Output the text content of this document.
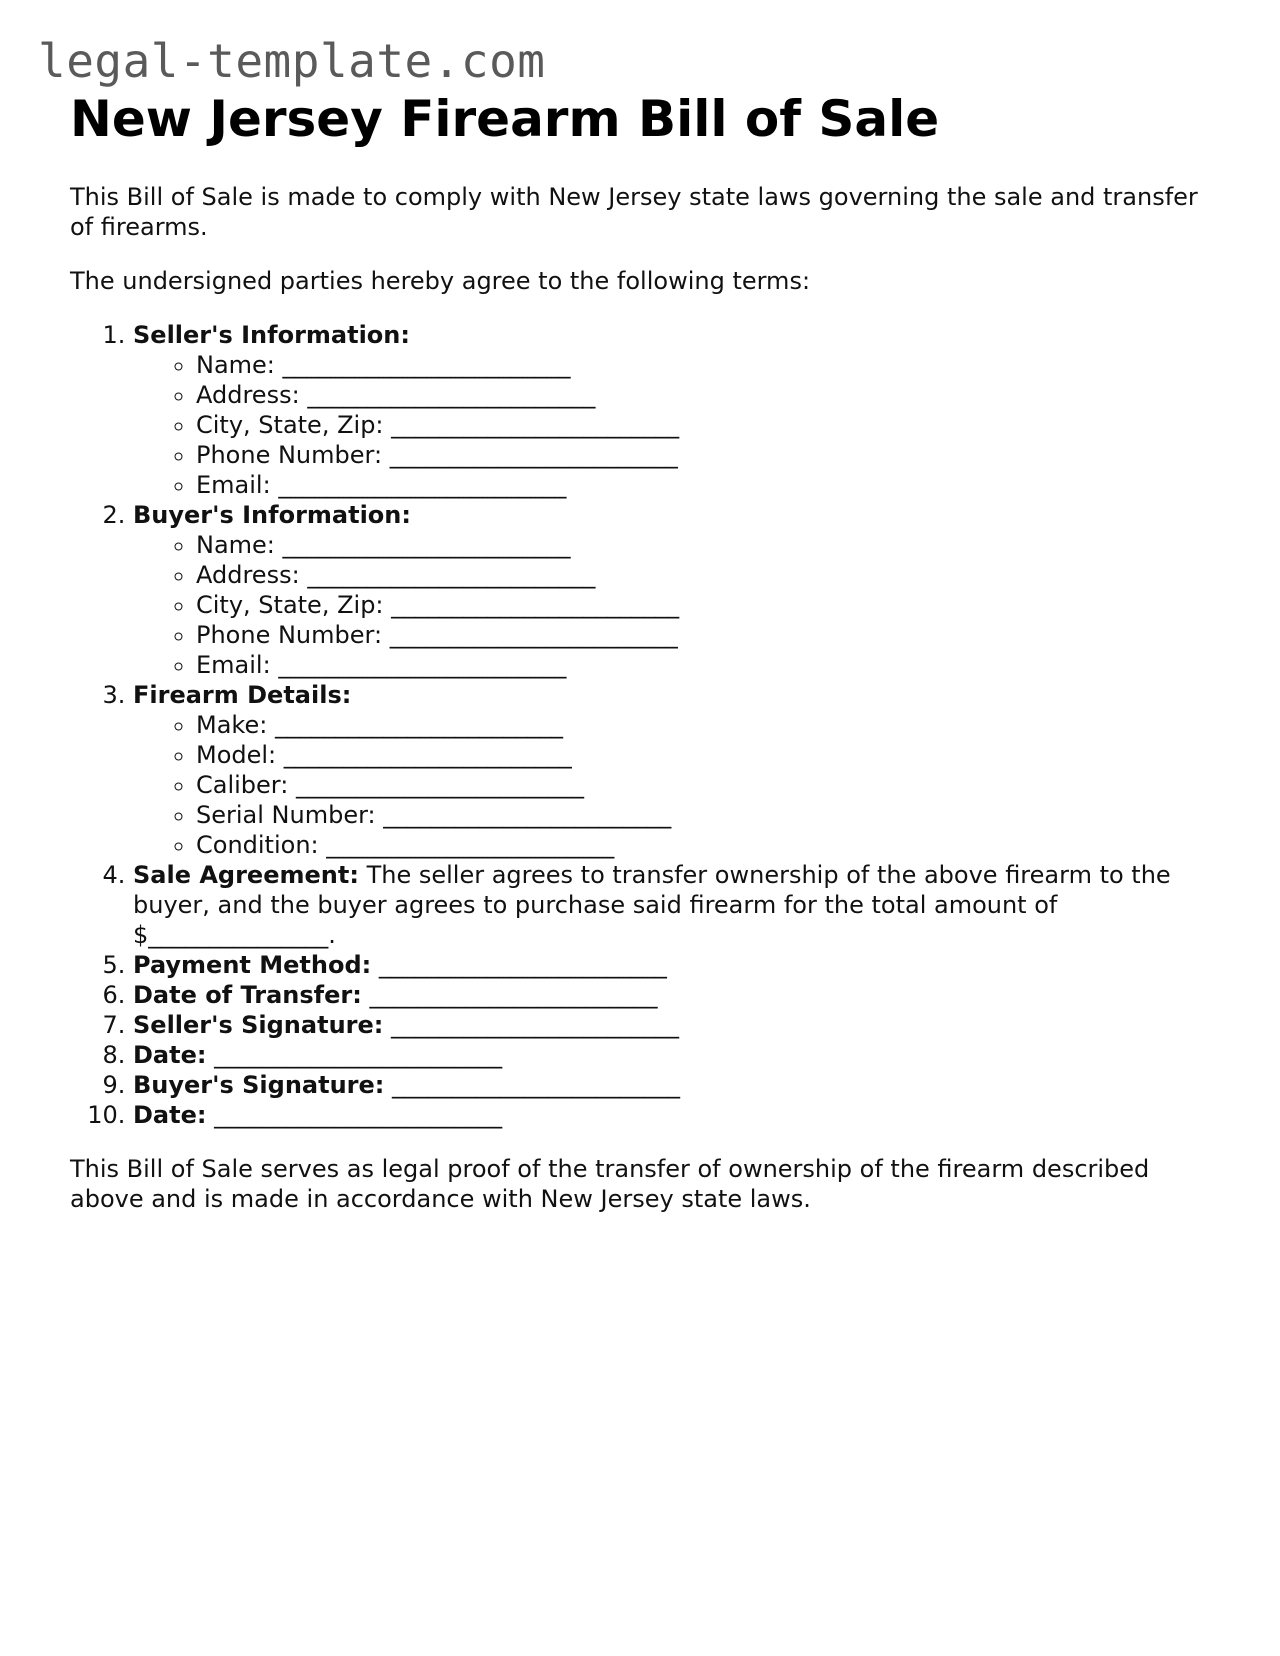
legal-template.com
New Jersey Firearm Bill of Sale

This Bill of Sale is made to comply with New Jersey state laws governing the sale and transfer of firearms.

The undersigned parties hereby agree to the following terms:

1. Seller's Information:
◦ Name: ________________________
◦ Address: ________________________
◦ City, State, Zip: ________________________
◦ Phone Number: ________________________
◦ Email: ________________________
2. Buyer's Information:
◦ Name: ________________________
◦ Address: ________________________
◦ City, State, Zip: ________________________
◦ Phone Number: ________________________
◦ Email: ________________________
3. Firearm Details:
◦ Make: ________________________
◦ Model: ________________________
◦ Caliber: ________________________
◦ Serial Number: ________________________
◦ Condition: ________________________
4. Sale Agreement: The seller agrees to transfer ownership of the above firearm to the buyer, and the buyer agrees to purchase said firearm for the total amount of $_______________.
5. Payment Method: ________________________
6. Date of Transfer: ________________________
7. Seller's Signature: ________________________
8. Date: ________________________
9. Buyer's Signature: ________________________
10. Date: ________________________

This Bill of Sale serves as legal proof of the transfer of ownership of the firearm described above and is made in accordance with New Jersey state laws.
